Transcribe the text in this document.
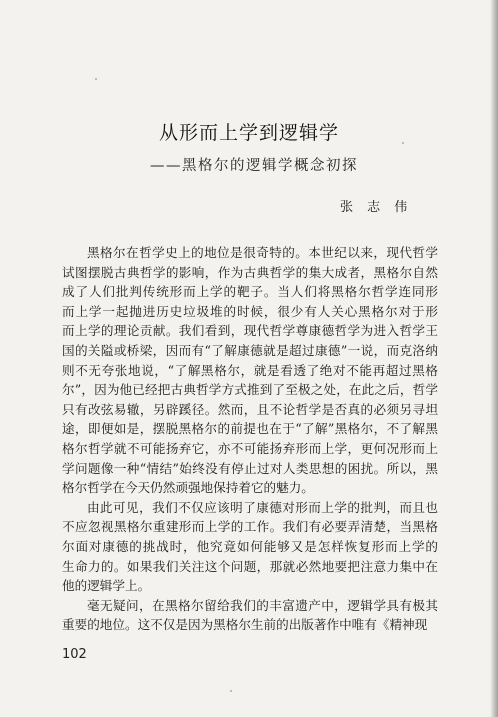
从形而上学到逻辑学
——黑格尔的逻辑学概念初探
张 志 伟
黑格尔在哲学史上的地位是很奇特的。本世纪以来，现代哲学
试图摆脱古典哲学的影响，作为古典哲学的集大成者，黑格尔自然
成了人们批判传统形而上学的靶子。当人们将黑格尔哲学连同形
而上学一起抛进历史垃圾堆的时候，很少有人关心黑格尔对于形
而上学的理论贡献。我们看到，现代哲学尊康德哲学为进入哲学王
国的关隘或桥梁，因而有“了解康德就是超过康德”一说，而克洛纳
则不无夸张地说，“了解黑格尔，就是看透了绝对不能再超过黑格
尔”，因为他已经把古典哲学方式推到了至极之处，在此之后，哲学
只有改弦易辙，另辟蹊径。然而，且不论哲学是否真的必须另寻坦
途，即便如是，摆脱黑格尔的前提也在于“了解”黑格尔，不了解黑
格尔哲学就不可能扬弃它，亦不可能扬弃形而上学，更何况形而上
学问题像一种“情结”始终没有停止过对人类思想的困扰。所以，黑
格尔哲学在今天仍然顽强地保持着它的魅力。
由此可见，我们不仅应该明了康德对形而上学的批判，而且也
不应忽视黑格尔重建形而上学的工作。我们有必要弄清楚，当黑格
尔面对康德的挑战时，他究竟如何能够又是怎样恢复形而上学的
生命力的。如果我们关注这个问题，那就必然地要把注意力集中在
他的逻辑学上。
毫无疑问，在黑格尔留给我们的丰富遗产中，逻辑学具有极其
重要的地位。这不仅是因为黑格尔生前的出版著作中唯有《精神现
102
